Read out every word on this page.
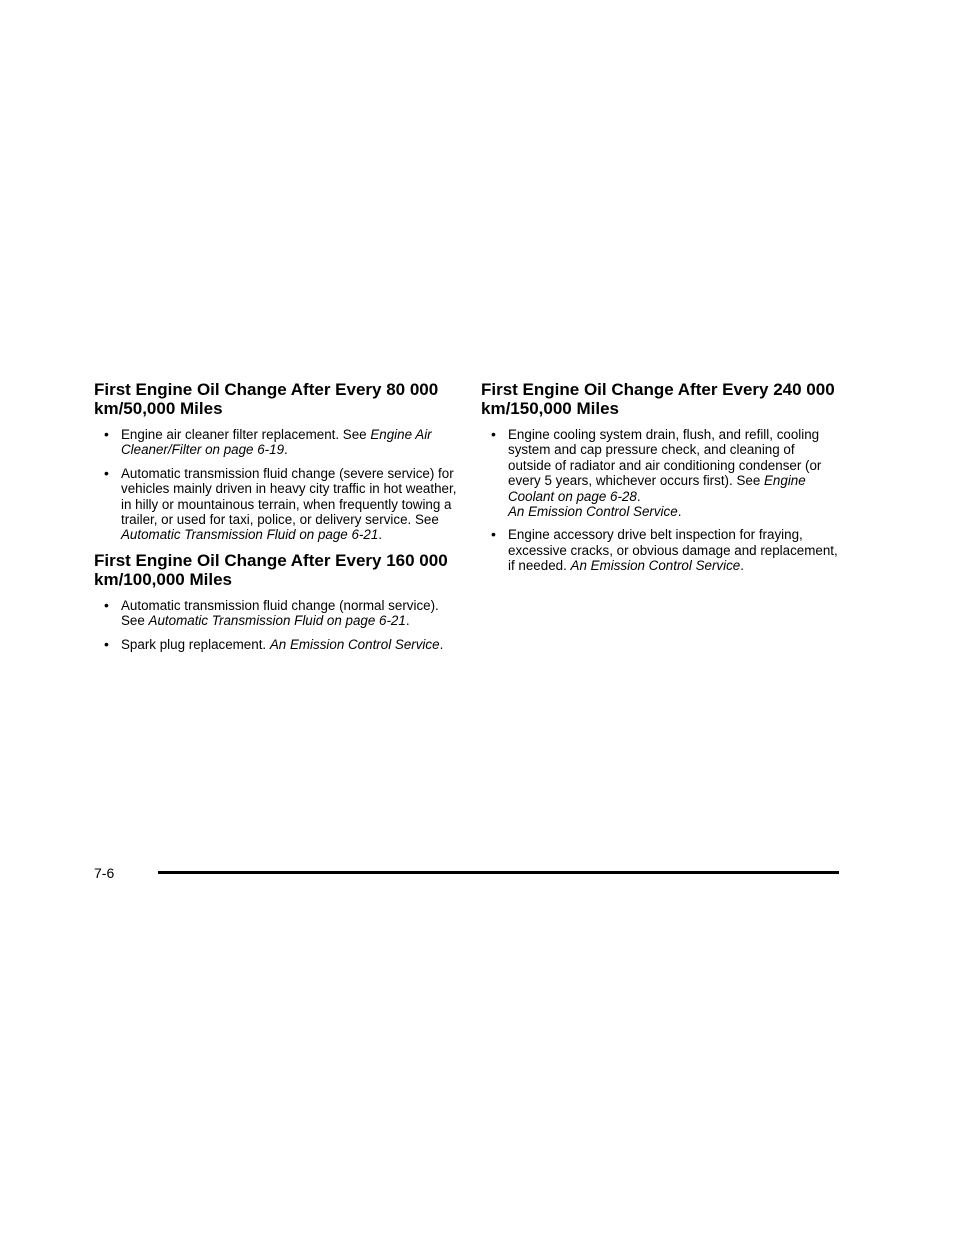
First Engine Oil Change After Every 80 000 km/50,000 Miles
• Engine air cleaner filter replacement. See Engine Air Cleaner/Filter on page 6-19.
• Automatic transmission fluid change (severe service) for vehicles mainly driven in heavy city traffic in hot weather, in hilly or mountainous terrain, when frequently towing a trailer, or used for taxi, police, or delivery service. See Automatic Transmission Fluid on page 6-21.
First Engine Oil Change After Every 160 000 km/100,000 Miles
• Automatic transmission fluid change (normal service). See Automatic Transmission Fluid on page 6-21.
• Spark plug replacement. An Emission Control Service.
First Engine Oil Change After Every 240 000 km/150,000 Miles
• Engine cooling system drain, flush, and refill, cooling system and cap pressure check, and cleaning of outside of radiator and air conditioning condenser (or every 5 years, whichever occurs first). See Engine Coolant on page 6-28.
An Emission Control Service.
• Engine accessory drive belt inspection for fraying, excessive cracks, or obvious damage and replacement, if needed. An Emission Control Service.
7-6
